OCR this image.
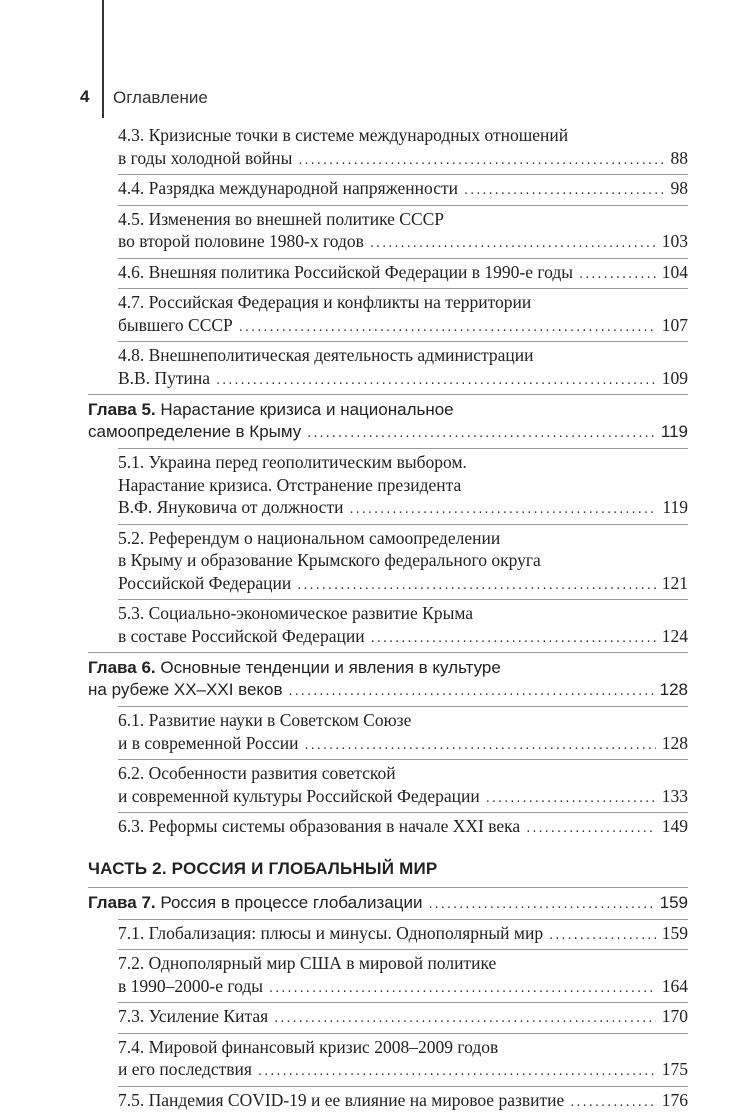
4 Оглавление
4.3. Кризисные точки в системе международных отношений
в годы холодной войны .....	88
4.4. Разрядка международной напряженности .....	98
4.5. Изменения во внешней политике СССР
во второй половине 1980-х годов .....	103
4.6. Внешняя политика Российской Федерации в 1990-е годы .....	104
4.7. Российская Федерация и конфликты на территории
бывшего СССР .....	107
4.8. Внешнеполитическая деятельность администрации
В.В. Путина .....	109
Глава 5. Нарастание кризиса и национальное
самоопределение в Крыму .....	119
5.1. Украина перед геополитическим выбором.
Нарастание кризиса. Отстранение президента
В.Ф. Януковича от должности .....	119
5.2. Референдум о национальном самоопределении
в Крыму и образование Крымского федерального округа
Российской Федерации .....	121
5.3. Социально-экономическое развитие Крыма
в составе Российской Федерации .....	124
Глава 6. Основные тенденции и явления в культуре
на рубеже XX–XXI веков .....	128
6.1. Развитие науки в Советском Союзе
и в современной России .....	128
6.2. Особенности развития советской
и современной культуры Российской Федерации .....	133
6.3. Реформы системы образования в начале XXI века .....	149
ЧАСТЬ 2. РОССИЯ И ГЛОБАЛЬНЫЙ МИР
Глава 7. Россия в процессе глобализации .....	159
7.1. Глобализация: плюсы и минусы. Однополярный мир .....	159
7.2. Однополярный мир США в мировой политике
в 1990–2000-е годы .....	164
7.3. Усиление Китая .....	170
7.4. Мировой финансовый кризис 2008–2009 годов
и его последствия .....	175
7.5. Пандемия COVID-19 и ее влияние на мировое развитие .....	176
